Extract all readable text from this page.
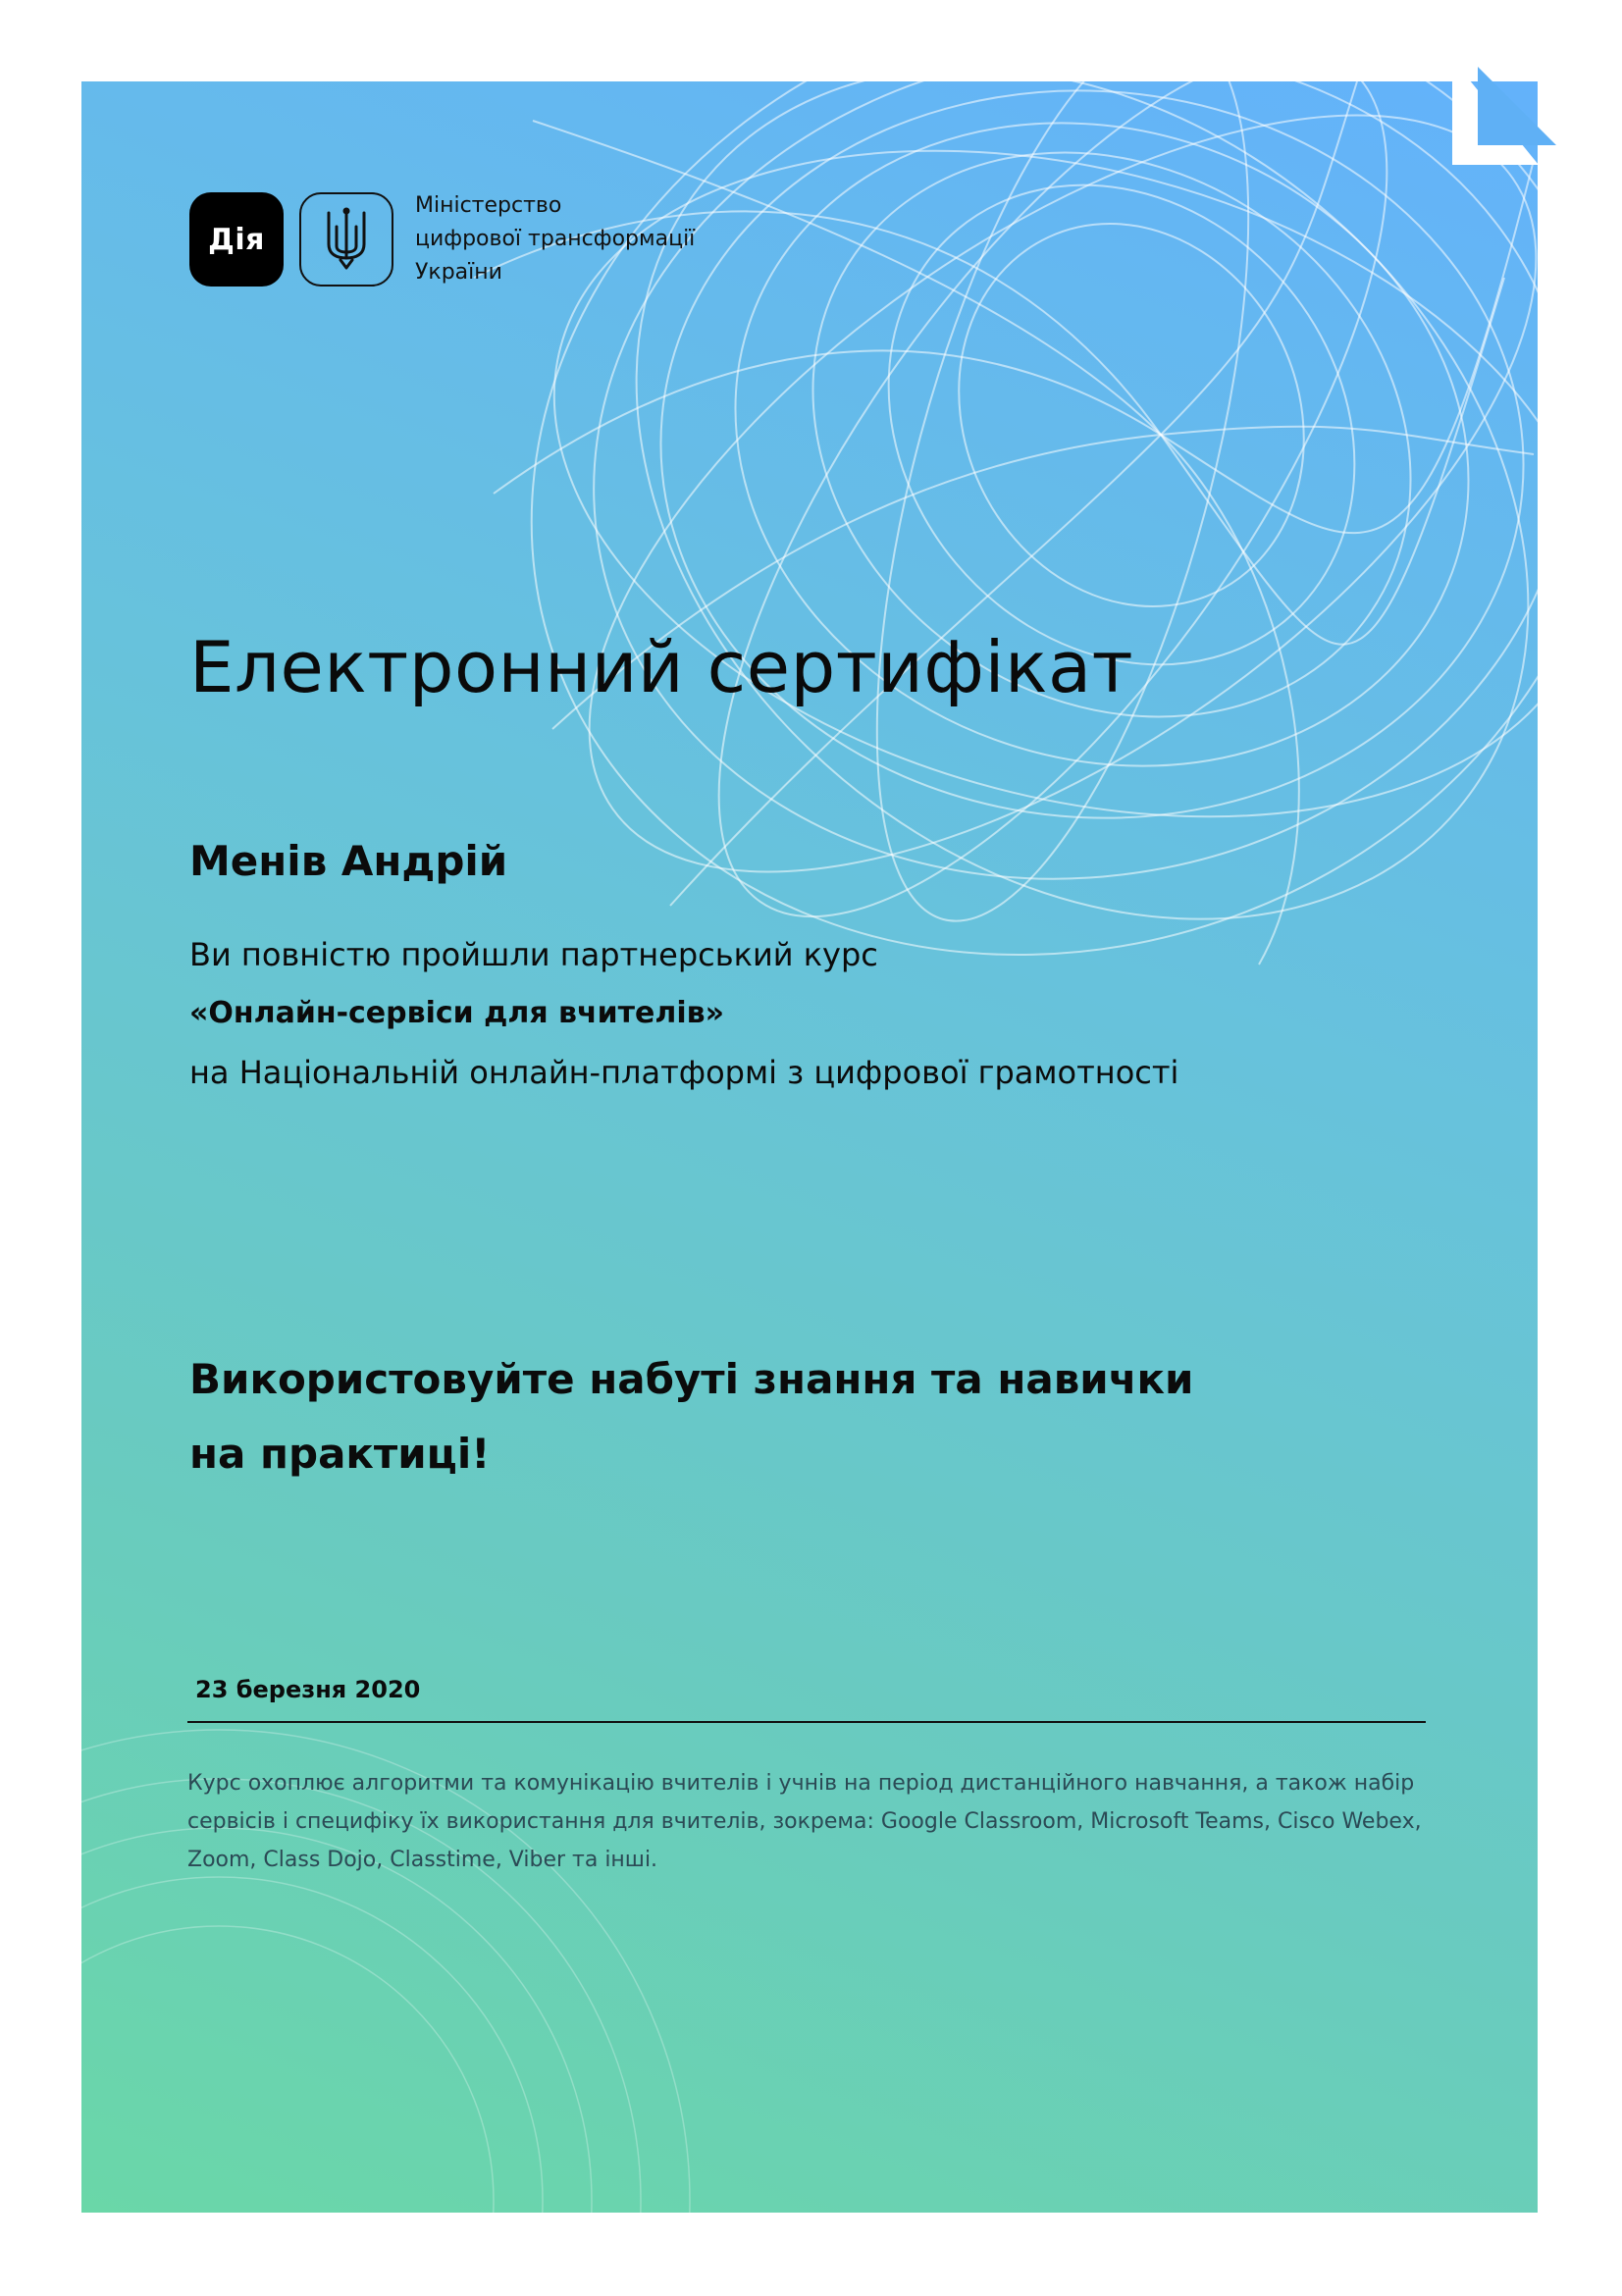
Дія
Міністерство
цифрової трансформації
України
Електронний сертифікат
Менів Андрій
Ви повністю пройшли партнерський курс
«Онлайн-сервіси для вчителів»
на Національній онлайн-платформі з цифрової грамотності
Використовуйте набуті знання та навички
на практиці!
23 березня 2020
Курс охоплює алгоритми та комунікацію вчителів і учнів на період дистанційного навчання, а також набір сервісів і специфіку їх використання для вчителів, зокрема: Google Classroom, Microsoft Teams, Cisco Webex, Zoom, Class Dojo, Classtime, Viber та інші.
